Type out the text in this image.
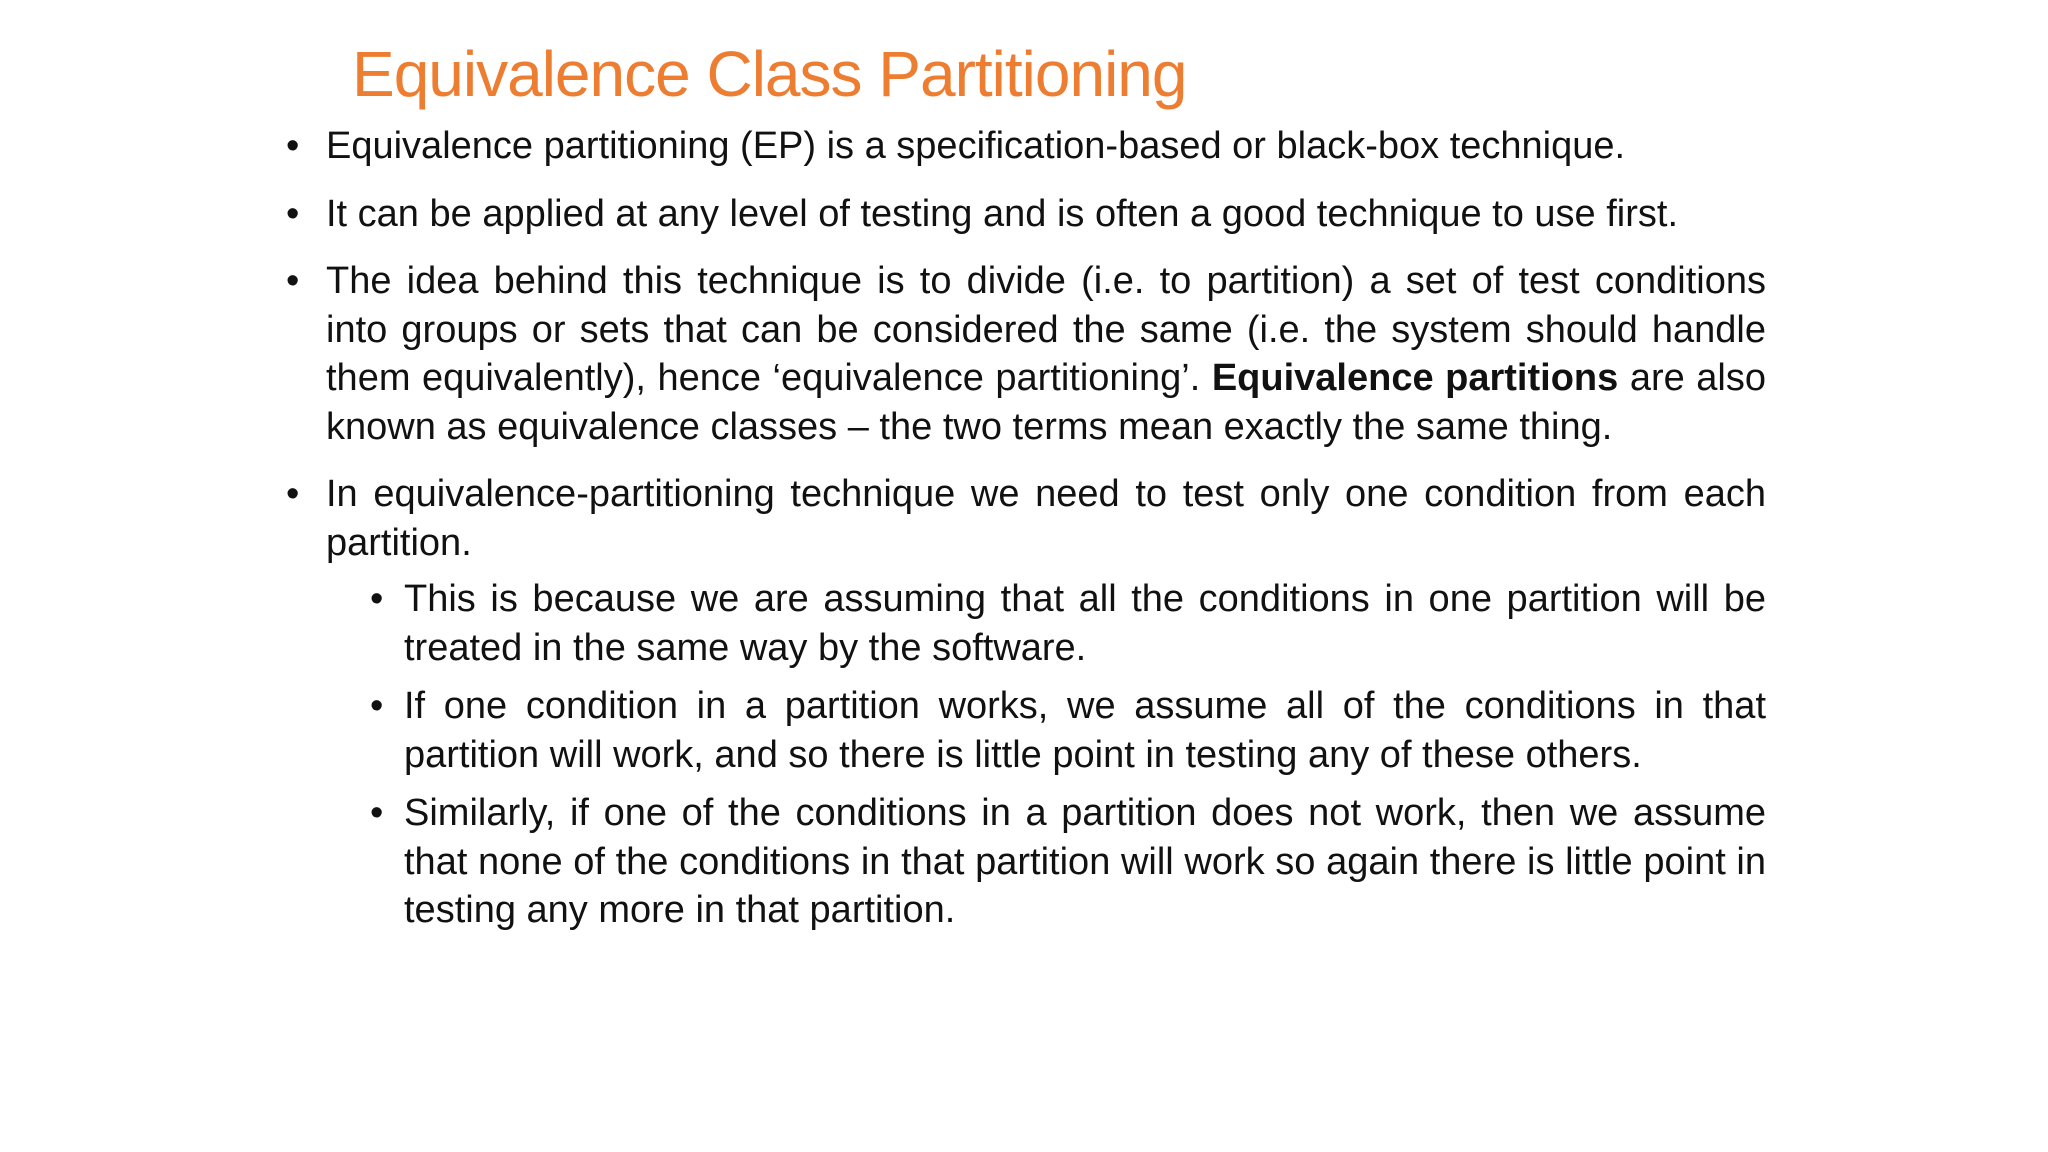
Equivalence Class Partitioning
• Equivalence partitioning (EP) is a specification-based or black-box technique.
• It can be applied at any level of testing and is often a good technique to use first.
• The idea behind this technique is to divide (i.e. to partition) a set of test conditions into groups or sets that can be considered the same (i.e. the system should handle them equivalently), hence ‘equivalence partitioning’. Equivalence partitions are also known as equivalence classes – the two terms mean exactly the same thing.
• In equivalence-partitioning technique we need to test only one condition from each partition.
• This is because we are assuming that all the conditions in one partition will be treated in the same way by the software.
• If one condition in a partition works, we assume all of the conditions in that partition will work, and so there is little point in testing any of these others.
• Similarly, if one of the conditions in a partition does not work, then we assume that none of the conditions in that partition will work so again there is little point in testing any more in that partition.
